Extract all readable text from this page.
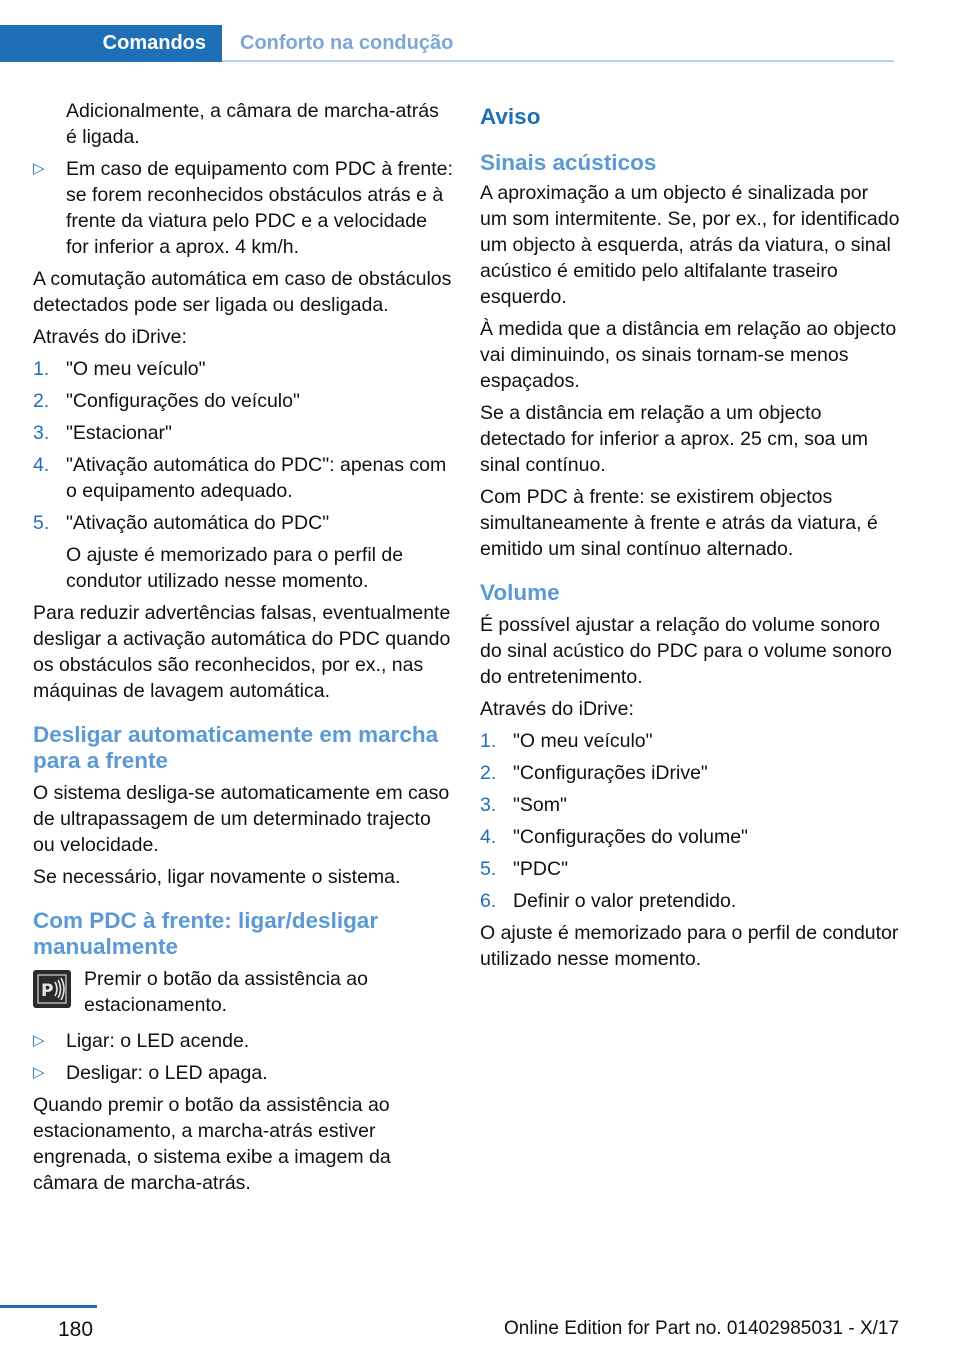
Comandos	Conforto na condução

Adicionalmente, a câmara de marcha-atrás é ligada.

▷	Em caso de equipamento com PDC à frente: se forem reconhecidos obstáculos atrás e à frente da viatura pelo PDC e a velocidade for inferior a aprox. 4 km/h.

A comutação automática em caso de obstáculos detectados pode ser ligada ou desligada.

Através do iDrive:

1. "O meu veículo"
2. "Configurações do veículo"
3. "Estacionar"
4. "Ativação automática do PDC": apenas com o equipamento adequado.
5. "Ativação automática do PDC"

O ajuste é memorizado para o perfil de condutor utilizado nesse momento.

Para reduzir advertências falsas, eventualmente desligar a activação automática do PDC quando os obstáculos são reconhecidos, por ex., nas máquinas de lavagem automática.

Desligar automaticamente em marcha para a frente

O sistema desliga-se automaticamente em caso de ultrapassagem de um determinado trajecto ou velocidade.

Se necessário, ligar novamente o sistema.

Com PDC à frente: ligar/desligar manualmente
P
Premir o botão da assistência ao estacionamento.
▷	Ligar: o LED acende.
▷	Desligar: o LED apaga.

Quando premir o botão da assistência ao estacionamento, a marcha-atrás estiver engrenada, o sistema exibe a imagem da câmara de marcha-atrás.

Aviso
Sinais acústicos

A aproximação a um objecto é sinalizada por um som intermitente. Se, por ex., for identificado um objecto à esquerda, atrás da viatura, o sinal acústico é emitido pelo altifalante traseiro esquerdo.

À medida que a distância em relação ao objecto vai diminuindo, os sinais tornam-se menos espaçados.

Se a distância em relação a um objecto detectado for inferior a aprox. 25 cm, soa um sinal contínuo.

Com PDC à frente: se existirem objectos simultaneamente à frente e atrás da viatura, é emitido um sinal contínuo alternado.

Volume

É possível ajustar a relação do volume sonoro do sinal acústico do PDC para o volume sonoro do entretenimento.

Através do iDrive:

1. "O meu veículo"
2. "Configurações iDrive"
3. "Som"
4. "Configurações do volume"
5. "PDC"
6. Definir o valor pretendido.

O ajuste é memorizado para o perfil de condutor utilizado nesse momento.

180	Online Edition for Part no. 01402985031 - X/17
